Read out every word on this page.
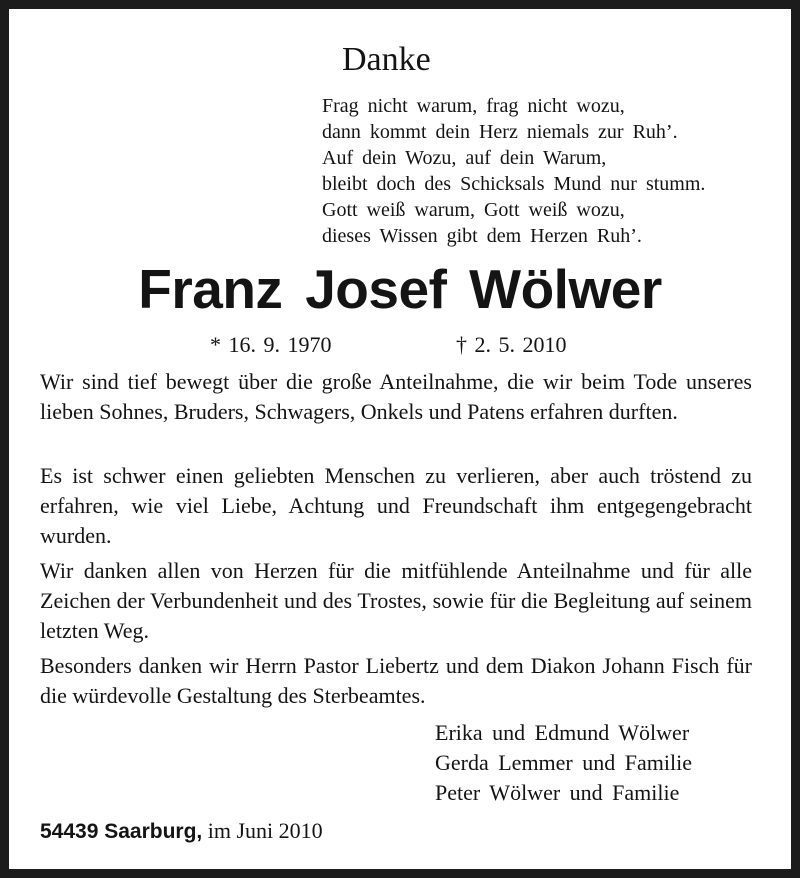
Danke
Frag nicht warum, frag nicht wozu,
dann kommt dein Herz niemals zur Ruh’.
Auf dein Wozu, auf dein Warum,
bleibt doch des Schicksals Mund nur stumm.
Gott weiß warum, Gott weiß wozu,
dieses Wissen gibt dem Herzen Ruh’.
Franz Josef Wölwer
* 16. 9. 1970	† 2. 5. 2010
Wir sind tief bewegt über die große Anteilnahme, die wir beim Tode unseres lieben Sohnes, Bruders, Schwagers, Onkels und Patens erfahren durften.
Es ist schwer einen geliebten Menschen zu verlieren, aber auch tröstend zu erfahren, wie viel Liebe, Achtung und Freundschaft ihm entgegengebracht wurden.
Wir danken allen von Herzen für die mitfühlende Anteilnahme und für alle Zeichen der Verbundenheit und des Trostes, sowie für die Begleitung auf seinem letzten Weg.
Besonders danken wir Herrn Pastor Liebertz und dem Diakon Johann Fisch für die würdevolle Gestaltung des Sterbeamtes.
Erika und Edmund Wölwer
Gerda Lemmer und Familie
Peter Wölwer und Familie
54439 Saarburg, im Juni 2010
